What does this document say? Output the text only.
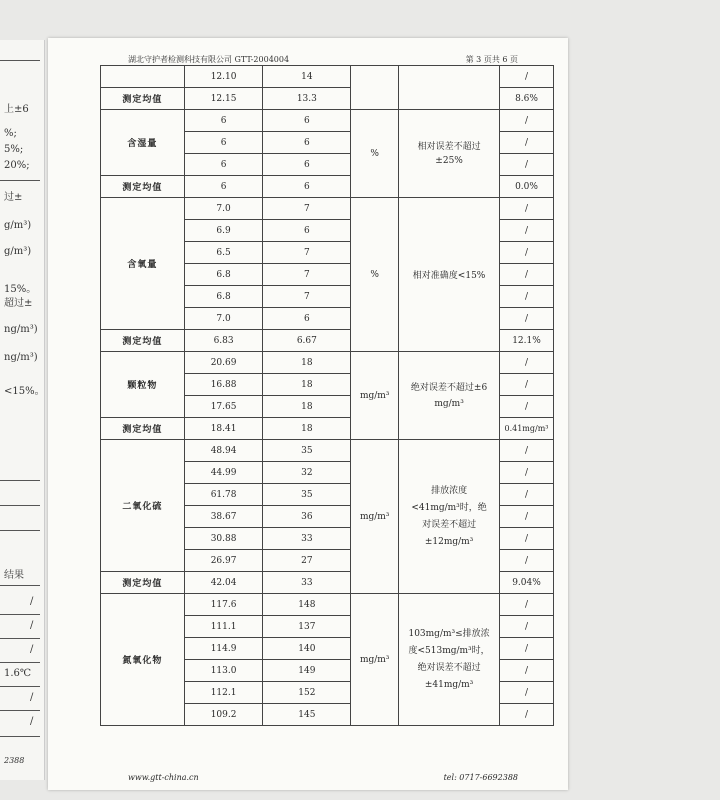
湖北守护者检测科技有限公司 GTT-2004004	第 3 页共 6 页
	12.10	14			/
测定均值	12.15	13.3			8.6%
含湿量	6	6	%	相对误差不超过±25%	/
	6	6			/
	6	6			/
测定均值	6	6			0.0%
含氧量	7.0	7	%	相对准确度<15%	/
	6.9	6			/
	6.5	7			/
	6.8	7			/
	6.8	7			/
	7.0	6			/
测定均值	6.83	6.67			12.1%
颗粒物	20.69	18	mg/m³	绝对误差不超过±6 mg/m³	/
	16.88	18			/
	17.65	18			/
测定均值	18.41	18			0.41mg/m³
二氧化硫	48.94	35	mg/m³	排放浓度<41mg/m³时，绝对误差不超过±12mg/m³	/
	44.99	32			/
	61.78	35			/
	38.67	36			/
	30.88	33			/
	26.97	27			/
测定均值	42.04	33			9.04%
氮氧化物	117.6	148	mg/m³	103mg/m³≤排放浓度<513mg/m³时，绝对误差不超过±41mg/m³	/
	111.1	137			/
	114.9	140			/
	113.0	149			/
	112.1	152			/
	109.2	145			/
www.gtt-china.cn	tel: 0717-6692388
上±6
%;
5%;
20%;
过±
g/m³)
g/m³)
15%。
超过±
ng/m³)
ng/m³)
<15%。
结果
/
/
/
1.6℃
/
/
2388
